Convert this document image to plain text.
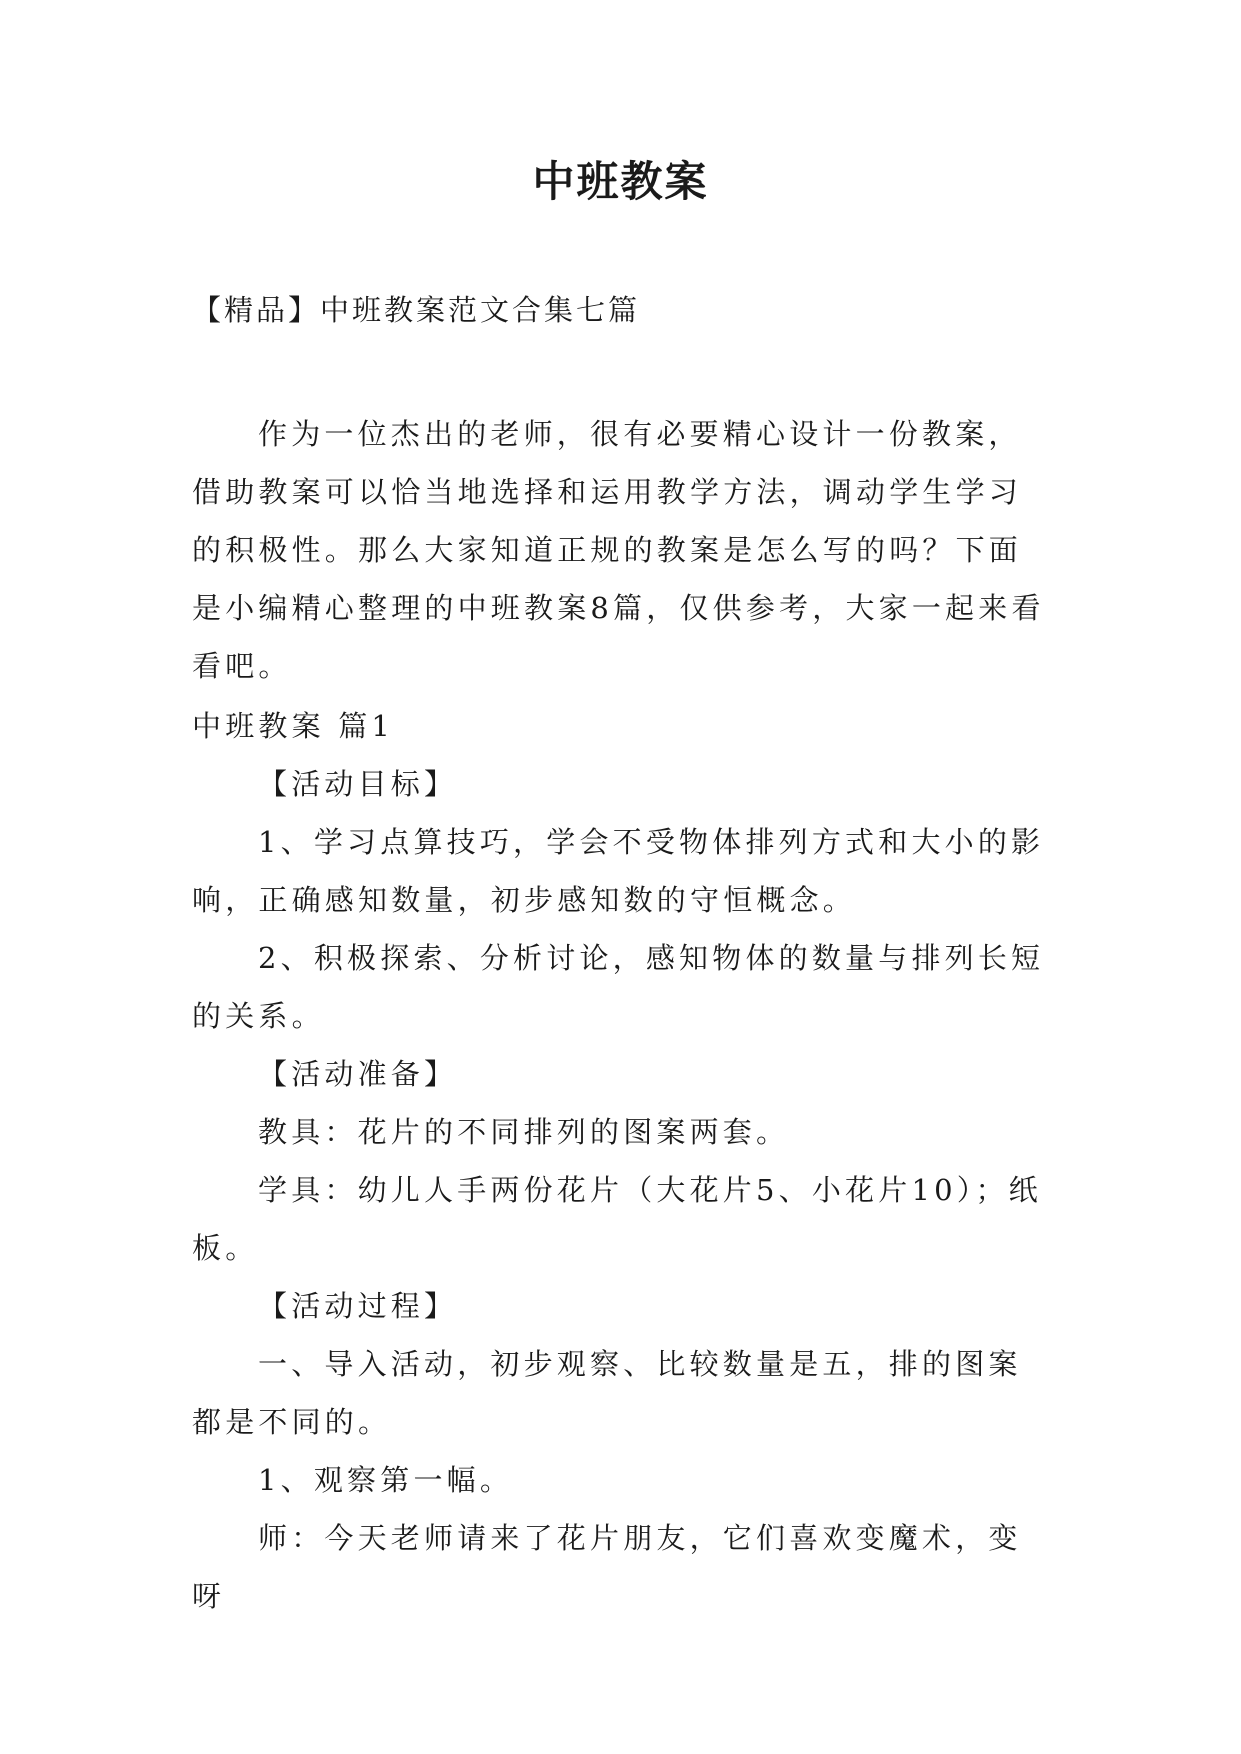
中班教案
【精品】中班教案范文合集七篇
作为一位杰出的老师，很有必要精心设计一份教案，借助教案可以恰当地选择和运用教学方法，调动学生学习的积极性。那么大家知道正规的教案是怎么写的吗？下面是小编精心整理的中班教案8篇，仅供参考，大家一起来看看吧。

中班教案 篇1

【活动目标】

1、学习点算技巧，学会不受物体排列方式和大小的影响，正确感知数量，初步感知数的守恒概念。

2、积极探索、分析讨论，感知物体的数量与排列长短的关系。

【活动准备】

教具：花片的不同排列的图案两套。

学具：幼儿人手两份花片（大花片5、小花片10）；纸板。

【活动过程】

一、导入活动，初步观察、比较数量是五，排的图案都是不同的。

1、观察第一幅。

师：今天老师请来了花片朋友，它们喜欢变魔术，变呀
